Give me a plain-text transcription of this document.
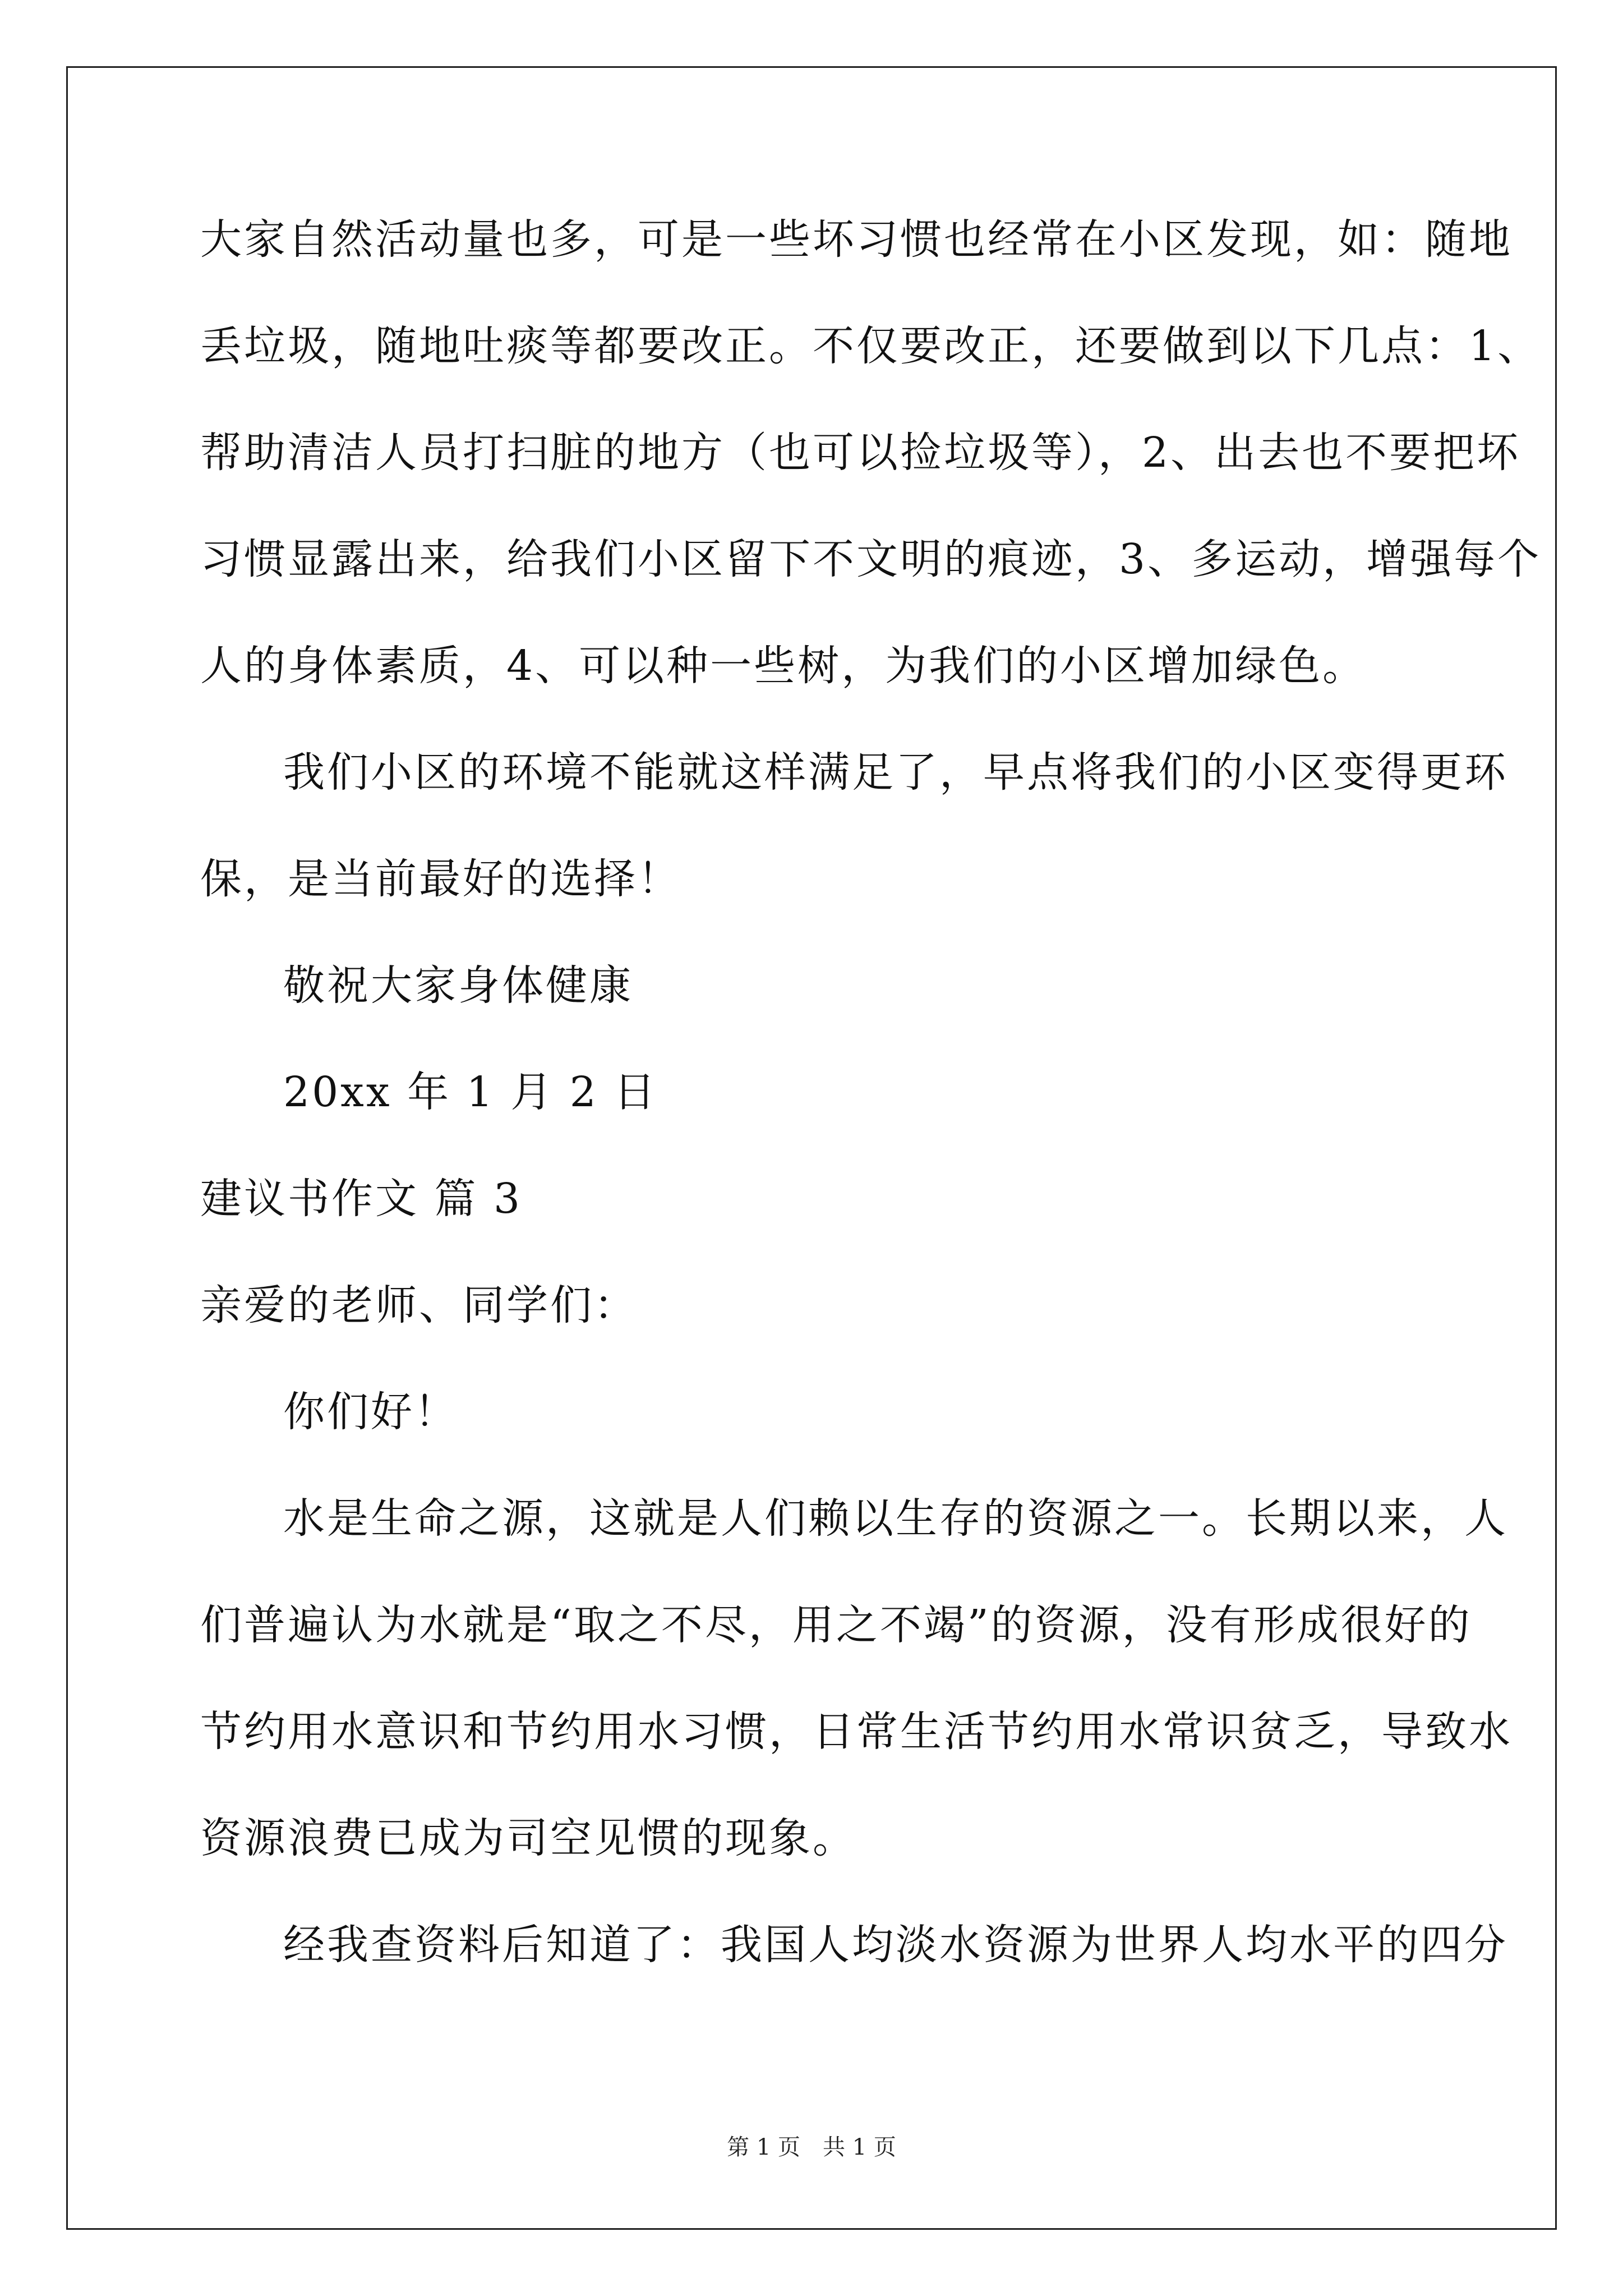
大家自然活动量也多，可是一些坏习惯也经常在小区发现，如：随地
丢垃圾，随地吐痰等都要改正。不仅要改正，还要做到以下几点：1、
帮助清洁人员打扫脏的地方（也可以捡垃圾等），2、出去也不要把坏
习惯显露出来，给我们小区留下不文明的痕迹，3、多运动，增强每个
人的身体素质，4、可以种一些树，为我们的小区增加绿色。
我们小区的环境不能就这样满足了，早点将我们的小区变得更环
保，是当前最好的选择！
敬祝大家身体健康
20xx 年 1 月 2 日
建议书作文 篇 3
亲爱的老师、同学们：
你们好！
水是生命之源，这就是人们赖以生存的资源之一。长期以来，人
们普遍认为水就是“取之不尽，用之不竭”的资源，没有形成很好的
节约用水意识和节约用水习惯，日常生活节约用水常识贫乏，导致水
资源浪费已成为司空见惯的现象。
经我查资料后知道了：我国人均淡水资源为世界人均水平的四分
第 1 页　共 1 页
